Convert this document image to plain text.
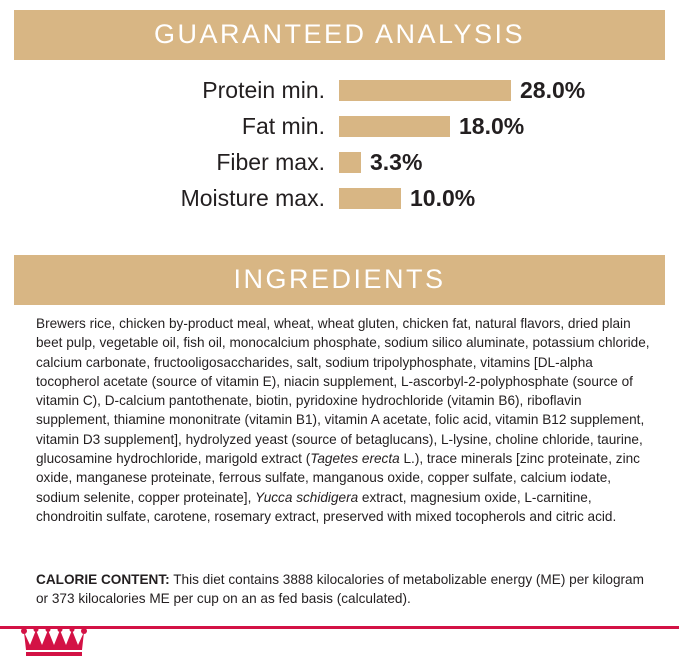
GUARANTEED ANALYSIS
Protein min.	28.0%
Fat min.	18.0%
Fiber max.	3.3%
Moisture max.	10.0%
INGREDIENTS
Brewers rice, chicken by-product meal, wheat, wheat gluten, chicken fat, natural flavors, dried plain beet pulp, vegetable oil, fish oil, monocalcium phosphate, sodium silico aluminate, potassium chloride, calcium carbonate, fructooligosaccharides, salt, sodium tripolyphosphate, vitamins [DL-alpha tocopherol acetate (source of vitamin E), niacin supplement, L-ascorbyl-2-polyphosphate (source of vitamin C), D-calcium pantothenate, biotin, pyridoxine hydrochloride (vitamin B6), riboflavin supplement, thiamine mononitrate (vitamin B1), vitamin A acetate, folic acid, vitamin B12 supplement, vitamin D3 supplement], hydrolyzed yeast (source of betaglucans), L-lysine, choline chloride, taurine, glucosamine hydrochloride, marigold extract (Tagetes erecta L.), trace minerals [zinc proteinate, zinc oxide, manganese proteinate, ferrous sulfate, manganous oxide, copper sulfate, calcium iodate, sodium selenite, copper proteinate], Yucca schidigera extract, magnesium oxide, L-carnitine, chondroitin sulfate, carotene, rosemary extract, preserved with mixed tocopherols and citric acid.
CALORIE CONTENT: This diet contains 3888 kilocalories of metabolizable energy (ME) per kilogram or 373 kilocalories ME per cup on an as fed basis (calculated).
